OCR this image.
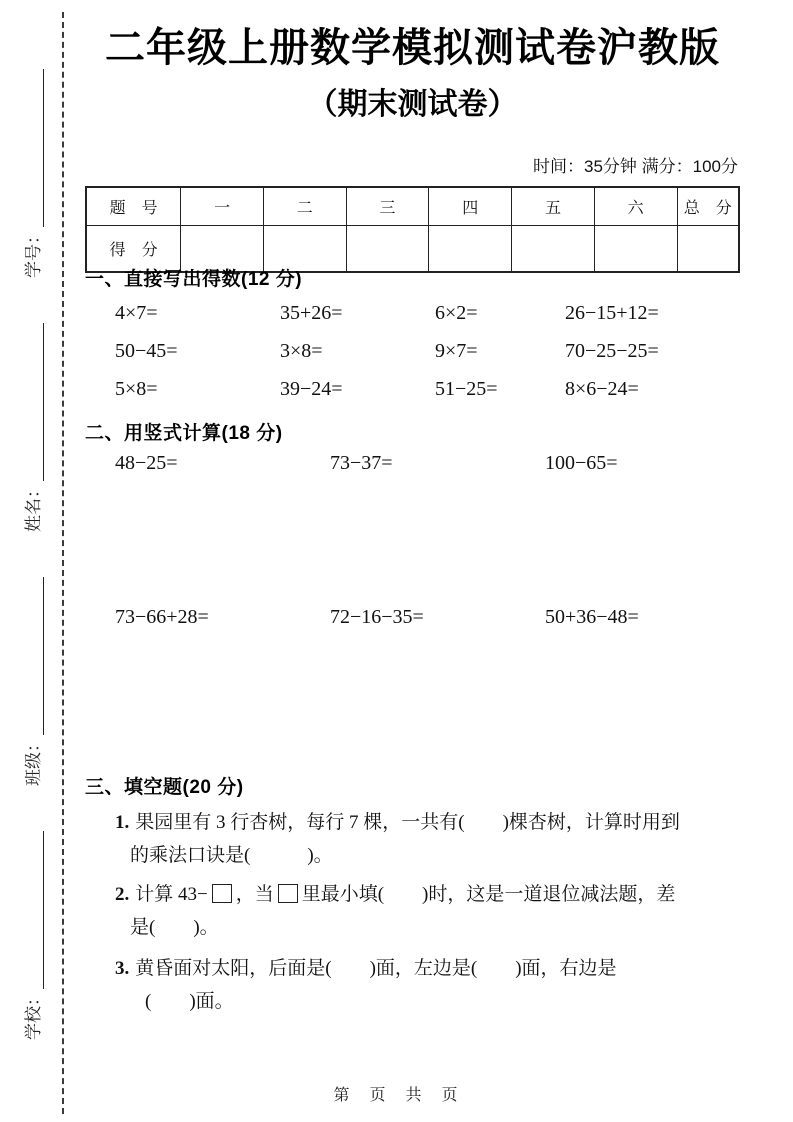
学校：
班级：
姓名：
学号：
二年级上册数学模拟测试卷沪教版
（期末测试卷）
时间：35分钟 满分：100分
题　号	一	二	三	四	五	六	总　分
得　分							
一、直接写出得数(12 分)
4×7=	35+26=	6×2=	26−15+12=
50−45=	3×8=	9×7=	70−25−25=
5×8=	39−24=	51−25=	8×6−24=
二、用竖式计算(18 分)
48−25=	73−37=	100−65=
73−66+28=	72−16−35=	50+36−48=
三、填空题(20 分)
1. 果园里有 3 行杏树，每行 7 棵，一共有(　　)棵杏树，计算时用到
的乘法口诀是(　　　)。
2. 计算 43− ，当 里最小填(　　)时，这是一道退位减法题，差
是(　　)。
3. 黄昏面对太阳，后面是(　　)面，左边是(　　)面，右边是
(　　)面。
第　页　共　页
